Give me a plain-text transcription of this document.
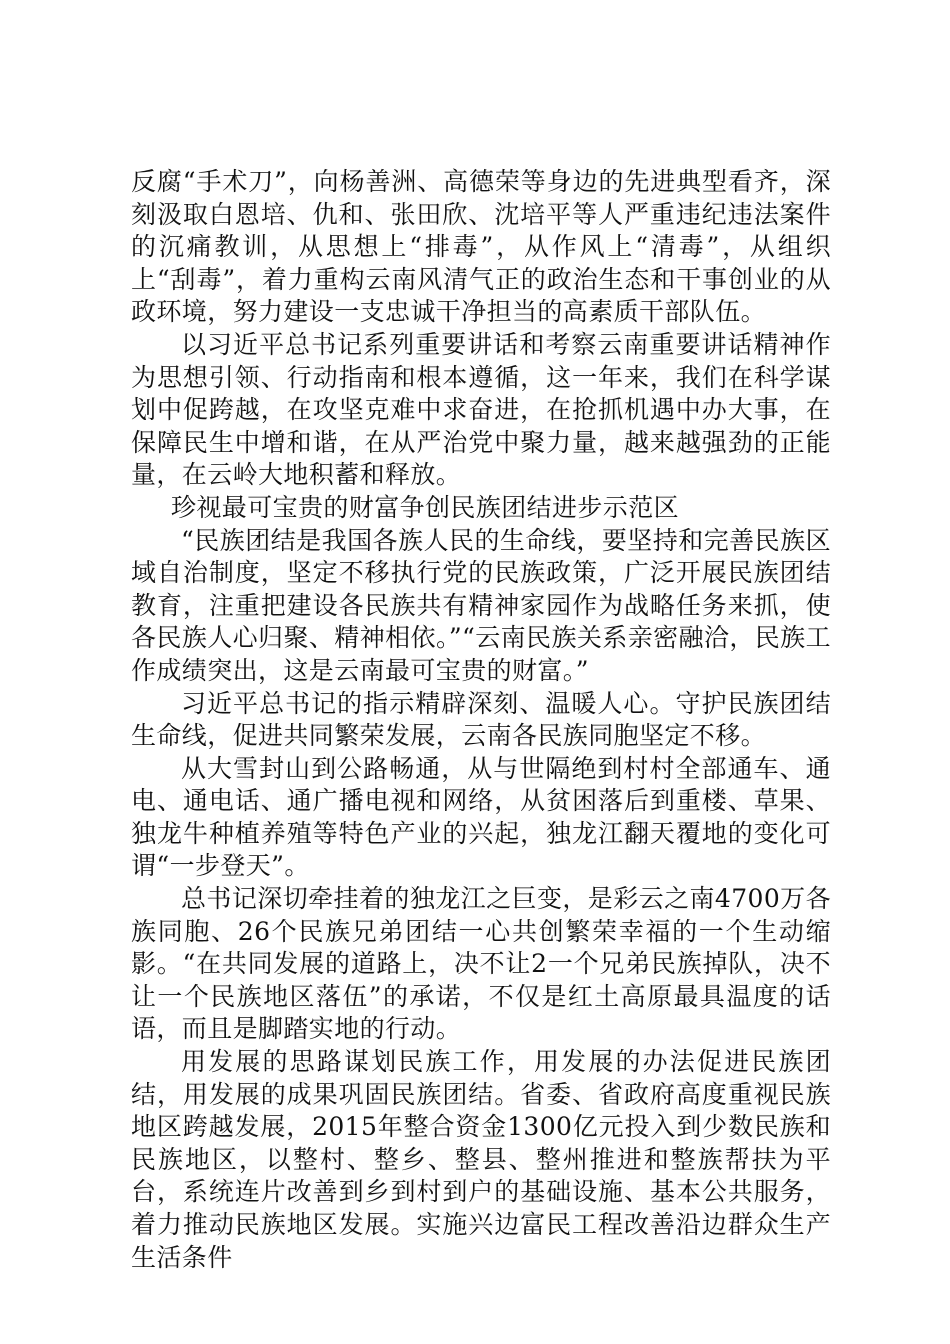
反腐“手术刀”，向杨善洲、高德荣等身边的先进典型看齐，深刻汲取白恩培、仇和、张田欣、沈培平等人严重违纪违法案件的沉痛教训，从思想上“排毒”，从作风上“清毒”，从组织上“刮毒”，着力重构云南风清气正的政治生态和干事创业的从政环境，努力建设一支忠诚干净担当的高素质干部队伍。

以习近平总书记系列重要讲话和考察云南重要讲话精神作为思想引领、行动指南和根本遵循，这一年来，我们在科学谋划中促跨越，在攻坚克难中求奋进，在抢抓机遇中办大事，在保障民生中增和谐，在从严治党中聚力量，越来越强劲的正能量，在云岭大地积蓄和释放。

珍视最可宝贵的财富争创民族团结进步示范区

“民族团结是我国各族人民的生命线，要坚持和完善民族区域自治制度，坚定不移执行党的民族政策，广泛开展民族团结教育，注重把建设各民族共有精神家园作为战略任务来抓，使各民族人心归聚、精神相依。”“云南民族关系亲密融洽，民族工作成绩突出，这是云南最可宝贵的财富。”

习近平总书记的指示精辟深刻、温暖人心。守护民族团结生命线，促进共同繁荣发展，云南各民族同胞坚定不移。

从大雪封山到公路畅通，从与世隔绝到村村全部通车、通电、通电话、通广播电视和网络，从贫困落后到重楼、草果、独龙牛种植养殖等特色产业的兴起，独龙江翻天覆地的变化可谓“一步登天”。

总书记深切牵挂着的独龙江之巨变，是彩云之南4700万各族同胞、26个民族兄弟团结一心共创繁荣幸福的一个生动缩影。“在共同发展的道路上，决不让2一个兄弟民族掉队，决不让一个民族地区落伍”的承诺，不仅是红土高原最具温度的话语，而且是脚踏实地的行动。

用发展的思路谋划民族工作，用发展的办法促进民族团结，用发展的成果巩固民族团结。省委、省政府高度重视民族地区跨越发展，2015年整合资金1300亿元投入到少数民族和民族地区，以整村、整乡、整县、整州推进和整族帮扶为平台，系统连片改善到乡到村到户的基础设施、基本公共服务，着力推动民族地区发展。实施兴边富民工程改善沿边群众生产生活条件
